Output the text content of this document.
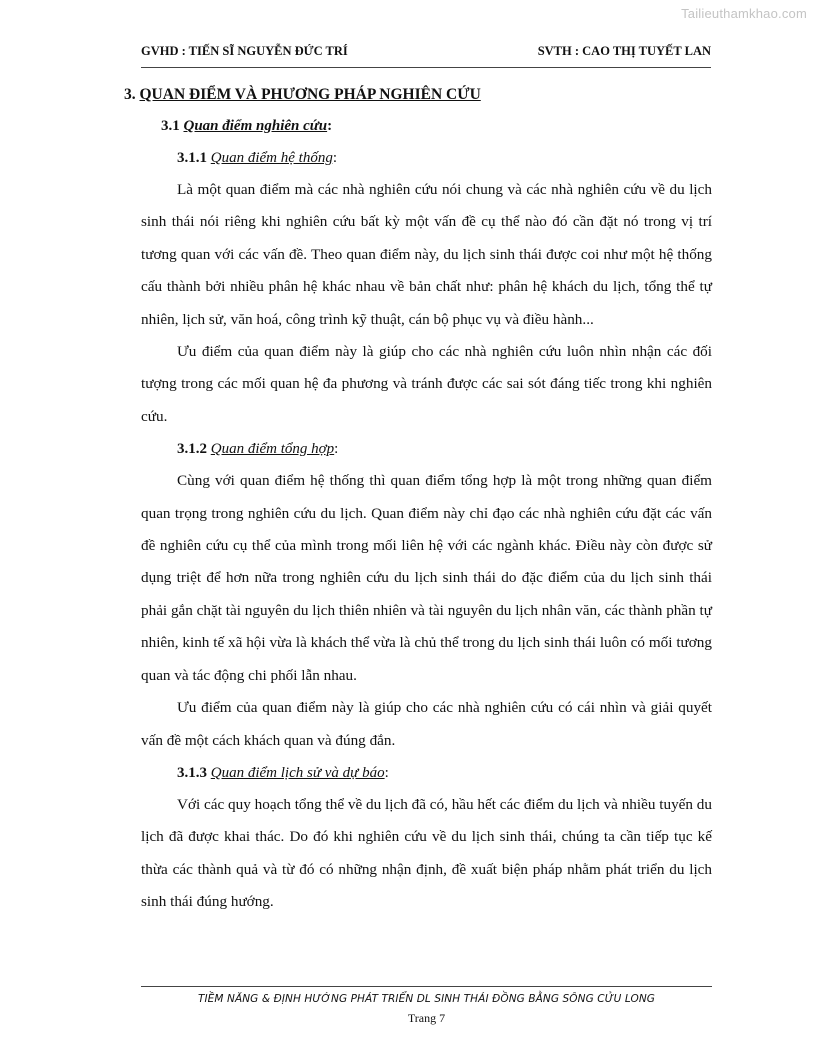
Tailieuthamkhao.com
GVHD : TIẾN SĨ NGUYỄN ĐỨC TRÍ	SVTH : CAO THỊ TUYẾT LAN
3. QUAN ĐIỂM VÀ PHƯƠNG PHÁP NGHIÊN CỨU
3.1 Quan điểm nghiên cứu:
3.1.1 Quan điểm hệ thống:

Là một quan điểm mà các nhà nghiên cứu nói chung và các nhà nghiên cứu về du lịch sinh thái nói riêng khi nghiên cứu bất kỳ một vấn đề cụ thể nào đó cần đặt nó trong vị trí tương quan với các vấn đề. Theo quan điểm này, du lịch sinh thái được coi như một hệ thống cấu thành bởi nhiều phân hệ khác nhau về bản chất như: phân hệ khách du lịch, tổng thể tự nhiên, lịch sử, văn hoá, công trình kỹ thuật, cán bộ phục vụ và điều hành...

Ưu điểm của quan điểm này là giúp cho các nhà nghiên cứu luôn nhìn nhận các đối tượng trong các mối quan hệ đa phương và tránh được các sai sót đáng tiếc trong khi nghiên cứu.

3.1.2 Quan điểm tổng hợp:

Cùng với quan điểm hệ thống thì quan điểm tổng hợp là một trong những quan điểm quan trọng trong nghiên cứu du lịch. Quan điểm này chỉ đạo các nhà nghiên cứu đặt các vấn đề nghiên cứu cụ thể của mình trong mối liên hệ với các ngành khác. Điều này còn được sử dụng triệt để hơn nữa trong nghiên cứu du lịch sinh thái do đặc điểm của du lịch sinh thái phải gắn chặt tài nguyên du lịch thiên nhiên và tài nguyên du lịch nhân văn, các thành phần tự nhiên, kinh tế xã hội vừa là khách thể vừa là chủ thể trong du lịch sinh thái luôn có mối tương quan và tác động chi phối lẫn nhau.

Ưu điểm của quan điểm này là giúp cho các nhà nghiên cứu có cái nhìn và giải quyết vấn đề một cách khách quan và đúng đắn.

3.1.3 Quan điểm lịch sử và dự báo:

Với các quy hoạch tổng thể về du lịch đã có, hầu hết các điểm du lịch và nhiều tuyến du lịch đã được khai thác. Do đó khi nghiên cứu về du lịch sinh thái, chúng ta cần tiếp tục kế thừa các thành quả và từ đó có những nhận định, đề xuất biện pháp nhằm phát triển du lịch sinh thái đúng hướng.

TIỀM NĂNG & ĐỊNH HƯỚNG PHÁT TRIỂN DL SINH THÁI ĐỒNG BẰNG SÔNG CỬU LONG
Trang 7
